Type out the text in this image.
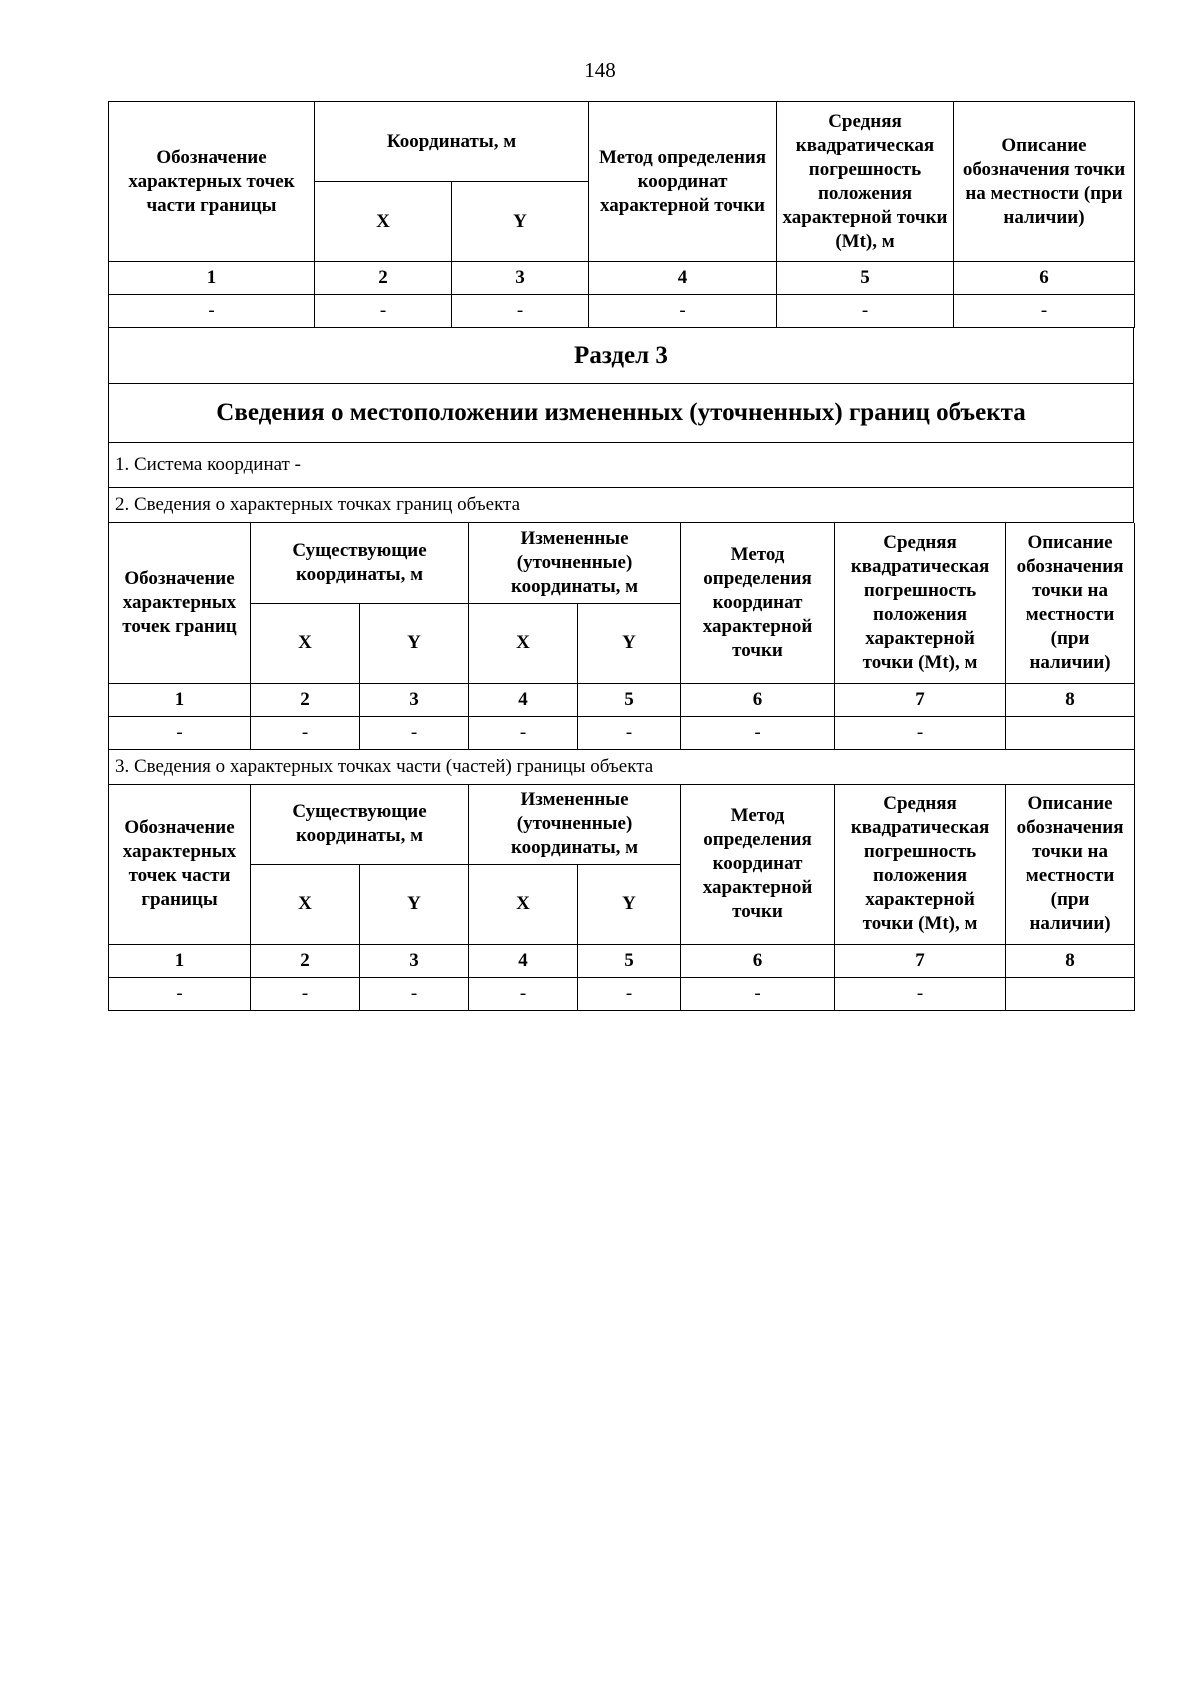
148
Обозначение характерных точек части границы	Координаты, м		Метод определения координат характерной точки	Средняя квадратическая погрешность положения характерной точки (Mt), м	Описание обозначения точки на местности (при наличии)
	X	Y			
1	2	3	4	5	6
-	-	-	-	-	-
Раздел 3
Сведения о местоположении измененных (уточненных) границ объекта
1. Система координат -
2. Сведения о характерных точках границ объекта
Обозначение характерных точек границ	Существующие координаты, м		Измененные (уточненные) координаты, м		Метод определения координат характерной точки	Средняя квадратическая погрешность положения характерной точки (Mt), м	Описание обозначения точки на местности (при наличии)
	X	Y	X	Y			
1	2	3	4	5	6	7	8
-	-	-	-	-	-	-	
3. Сведения о характерных точках части (частей) границы объекта							
Обозначение характерных точек части границы	Существующие координаты, м		Измененные (уточненные) координаты, м		Метод определения координат характерной точки	Средняя квадратическая погрешность положения характерной точки (Mt), м	Описание обозначения точки на местности (при наличии)
	X	Y	X	Y			
1	2	3	4	5	6	7	8
-	-	-	-	-	-	-	
